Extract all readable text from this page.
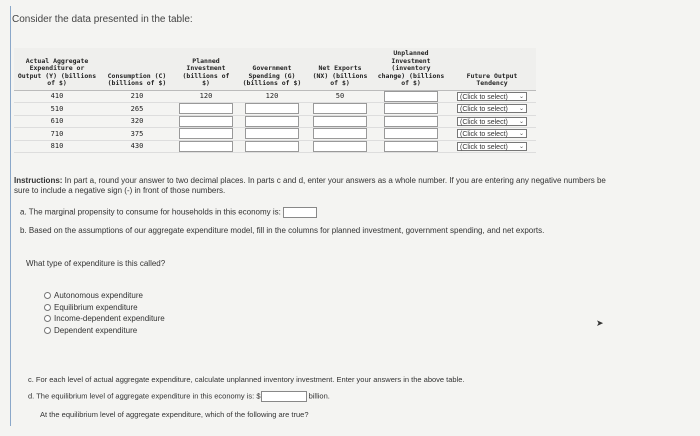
Consider the data presented in the table:
Actual Aggregate Expenditure or Output (Y) (billions of $)	Consumption (C) (billions of $)	Planned Investment (billions of $)	Government Spending (G) (billions of $)	Net Exports (NX) (billions of $)	Unplanned Investment (inventory change) (billions of $)	Future Output Tendency
410	210	120	120	50		(Click to select) ⌄

510	265					(Click to select) ⌄

610	320					(Click to select) ⌄

710	375					(Click to select) ⌄

810	430					(Click to select) ⌄
Instructions: In part a, round your answer to two decimal places. In parts c and d, enter your answers as a whole number. If you are entering any negative numbers be sure to include a negative sign (-) in front of those numbers.
a. The marginal propensity to consume for households in this economy is:
b. Based on the assumptions of our aggregate expenditure model, fill in the columns for planned investment, government spending, and net exports.
What type of expenditure is this called?
Autonomous expenditure
Equilibrium expenditure
Income-dependent expenditure
Dependent expenditure
➤
c. For each level of actual aggregate expenditure, calculate unplanned inventory investment. Enter your answers in the above table.
d. The equilibrium level of aggregate expenditure in this economy is: $	billion.
At the equilibrium level of aggregate expenditure, which of the following are true?
